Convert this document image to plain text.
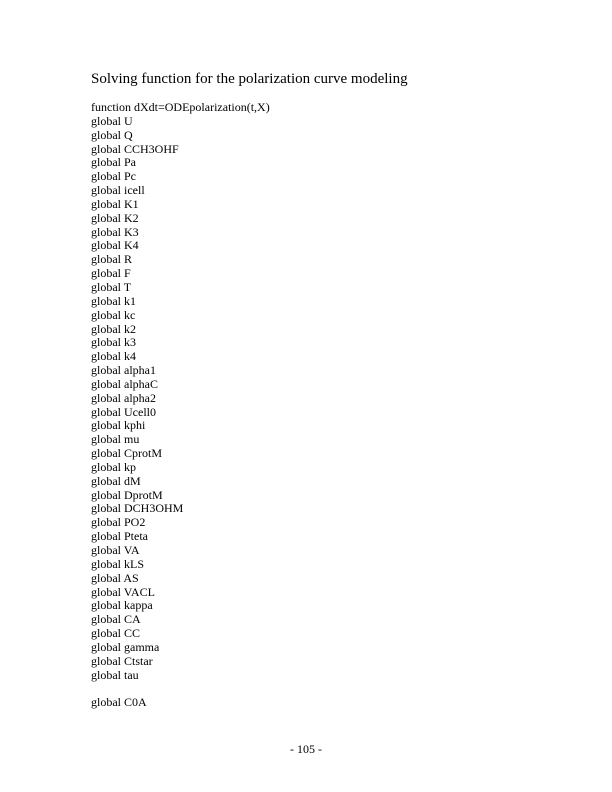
Solving function for the polarization curve modeling
function dXdt=ODEpolarization(t,X)
global U
global Q
global CCH3OHF
global Pa
global Pc
global icell
global K1
global K2
global K3
global K4
global R
global F
global T
global k1
global kc
global k2
global k3
global k4
global alpha1
global alphaC
global alpha2
global Ucell0
global kphi
global mu
global CprotM
global kp
global dM
global DprotM
global DCH3OHM
global PO2
global Pteta
global VA
global kLS
global AS
global VACL
global kappa
global CA
global CC
global gamma
global Ctstar
global tau
global C0A
- 105 -
